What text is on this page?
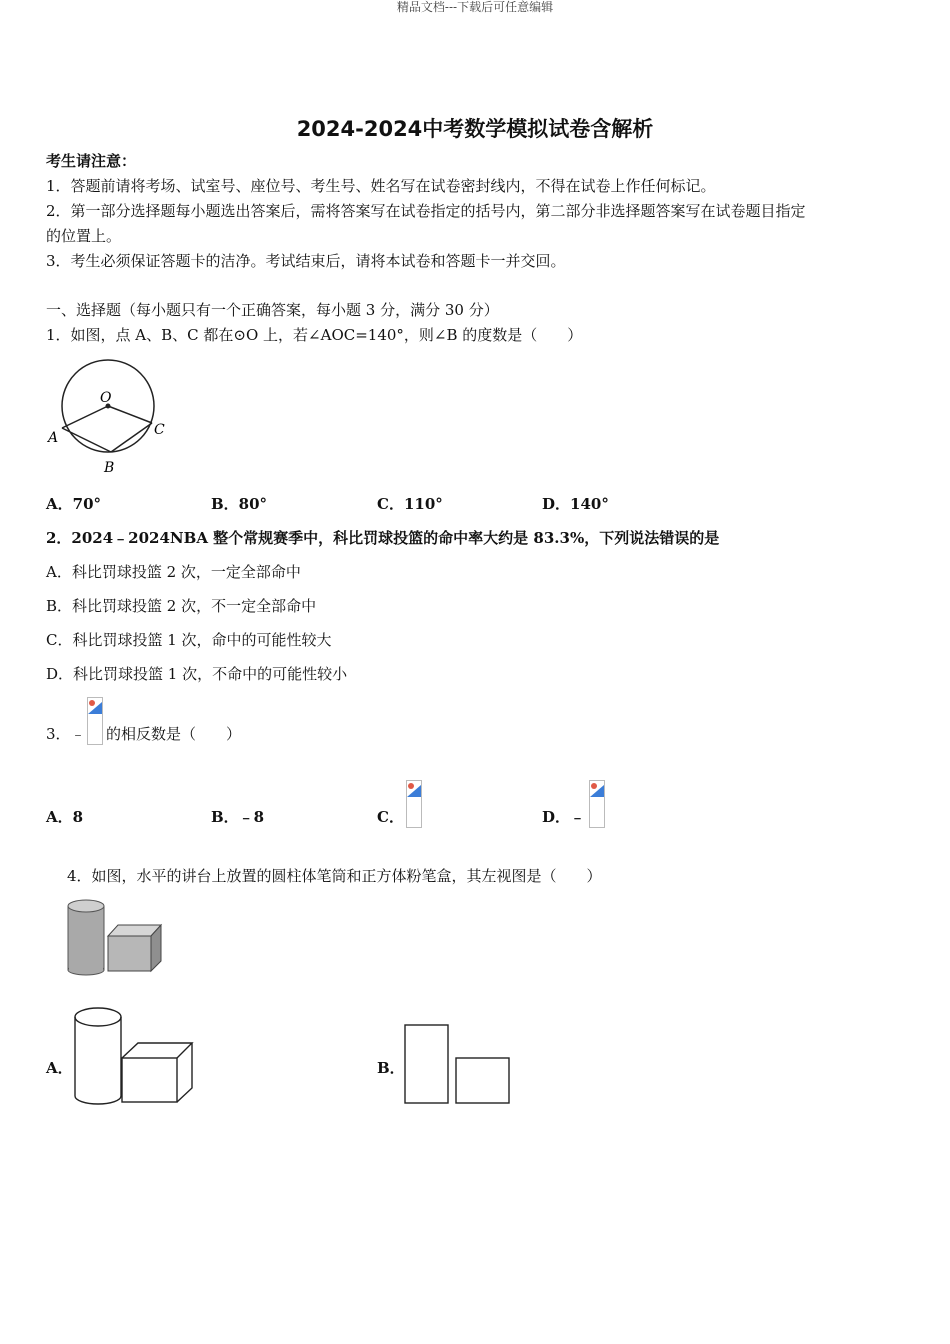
精品文档---下载后可任意编辑
2024-2024中考数学模拟试卷含解析
考生请注意：
1．答题前请将考场、试室号、座位号、考生号、姓名写在试卷密封线内，不得在试卷上作任何标记。
2．第一部分选择题每小题选出答案后，需将答案写在试卷指定的括号内，第二部分非选择题答案写在试卷题目指定
的位置上。
3．考生必须保证答题卡的洁净。考试结束后，请将本试卷和答题卡一并交回。
一、选择题（每小题只有一个正确答案，每小题 3 分，满分 30 分）
1．如图，点 A、B、C 都在⊙O 上，若∠AOC=140°，则∠B 的度数是（　　）
O
A
B
C
A．70°	B．80°	C．110°	D．140°
2．2024﹣2024NBA 整个常规赛季中，科比罚球投篮的命中率大约是 83.3%，下列说法错误的是
A．科比罚球投篮 2 次，一定全部命中
B．科比罚球投篮 2 次，不一定全部命中
C．科比罚球投篮 1 次，命中的可能性较大
D．科比罚球投篮 1 次，不命中的可能性较小
3．﹣ 的相反数是（　　）
A．8	B．﹣8	C．	D．﹣
4．如图，水平的讲台上放置的圆柱体笔筒和正方体粉笔盒，其左视图是（　　）
A．	B．
